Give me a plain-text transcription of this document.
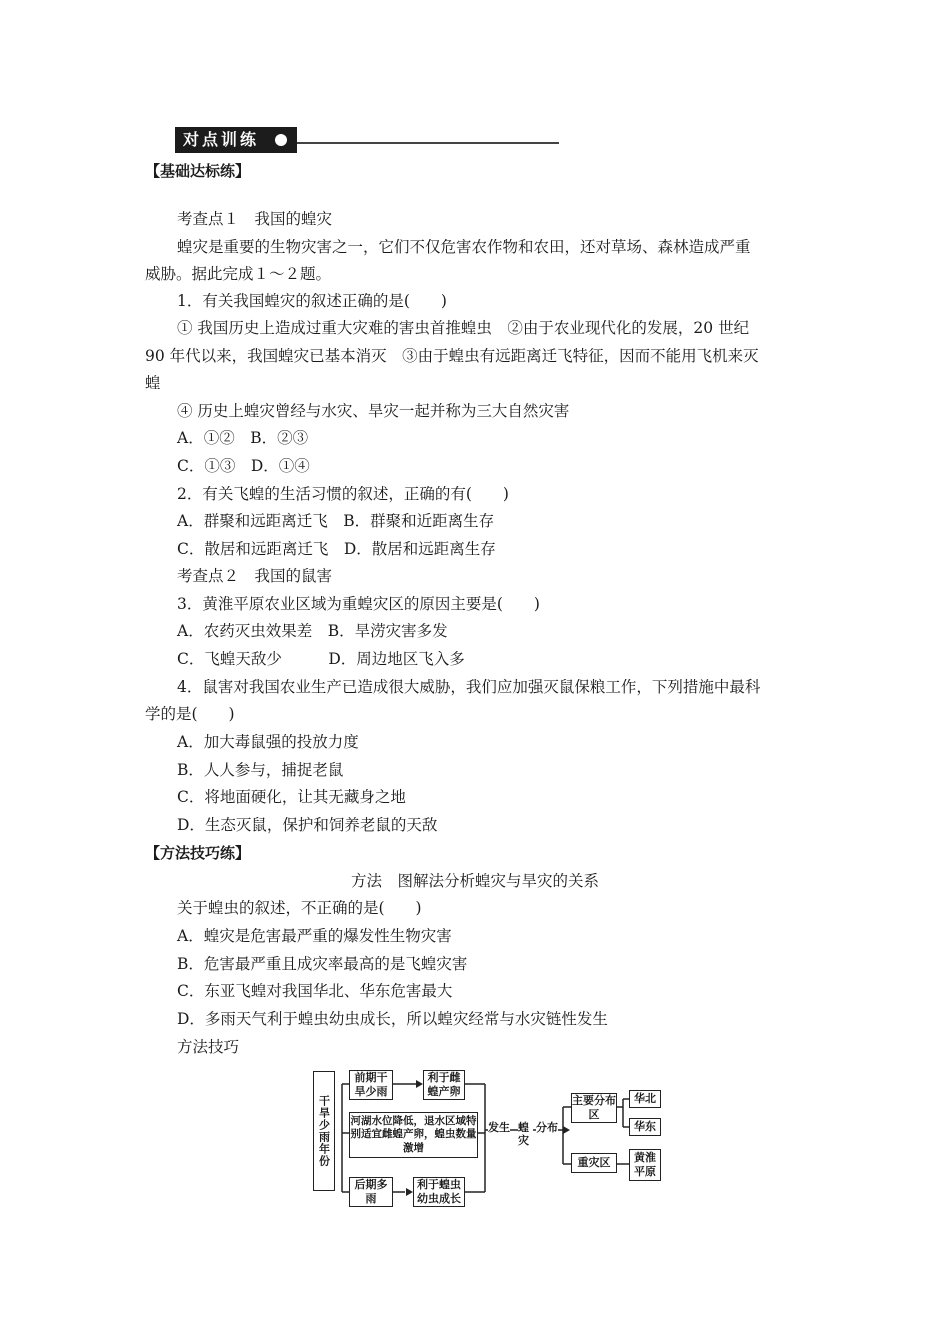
对点训练
【基础达标练】
考查点１　我国的蝗灾
蝗灾是重要的生物灾害之一，它们不仅危害农作物和农田，还对草场、森林造成严重
威胁。据此完成１～２题。
1．有关我国蝗灾的叙述正确的是(　　)
① 我国历史上造成过重大灾难的害虫首推蝗虫　②由于农业现代化的发展，20 世纪
90 年代以来，我国蝗灾已基本消灭　③由于蝗虫有远距离迁飞特征，因而不能用飞机来灭
蝗
④ 历史上蝗灾曾经与水灾、旱灾一起并称为三大自然灾害
A．①②　B．②③
C．①③　D．①④
2．有关飞蝗的生活习惯的叙述，正确的有(　　)
A．群聚和远距离迁飞　B．群聚和近距离生存
C．散居和远距离迁飞　D．散居和远距离生存
考查点２　我国的鼠害
3．黄淮平原农业区域为重蝗灾区的原因主要是(　　)
A．农药灭虫效果差　B．旱涝灾害多发
C．飞蝗天敌少　　　D．周边地区飞入多
4．鼠害对我国农业生产已造成很大威胁，我们应加强灭鼠保粮工作，下列措施中最科
学的是(　　)
A．加大毒鼠强的投放力度
B．人人参与，捕捉老鼠
C．将地面硬化，让其无藏身之地
D．生态灭鼠，保护和饲养老鼠的天敌
【方法技巧练】
方法　图解法分析蝗灾与旱灾的关系
关于蝗虫的叙述，不正确的是(　　)
A．蝗灾是危害最严重的爆发性生物灾害
B．危害最严重且成灾率最高的是飞蝗灾害
C．东亚飞蝗对我国华北、华东危害最大
D．多雨天气利于蝗虫幼虫成长，所以蝗灾经常与水灾链性发生
方法技巧
干旱少雨年份
前期干旱少雨
利于雌蝗产卵
河湖水位降低，退水区域特别适宜雌蝗产卵，蝗虫数量激增
后期多雨
利于蝗虫幼虫成长
发生 蝗灾
分布
主要分布区
重灾区
华北
华东
黄淮平原
